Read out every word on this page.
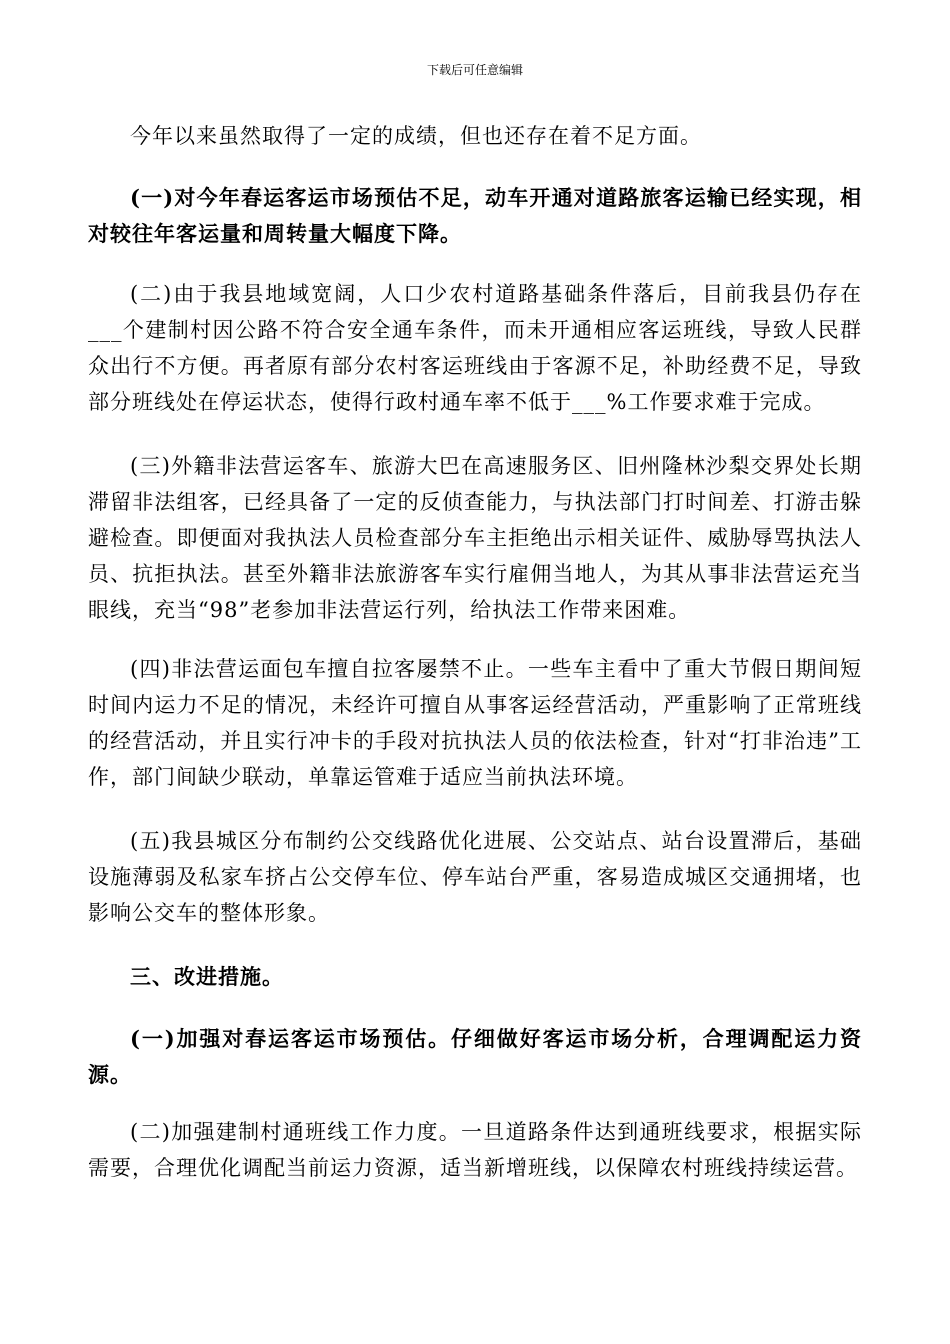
下载后可任意编辑

今年以来虽然取得了一定的成绩，但也还存在着不足方面。

(一)对今年春运客运市场预估不足，动车开通对道路旅客运输已经实现，相对较往年客运量和周转量大幅度下降。

(二)由于我县地域宽阔，人口少农村道路基础条件落后，目前我县仍存在___个建制村因公路不符合安全通车条件，而未开通相应客运班线，导致人民群众出行不方便。再者原有部分农村客运班线由于客源不足，补助经费不足，导致部分班线处在停运状态，使得行政村通车率不低于___%工作要求难于完成。

(三)外籍非法营运客车、旅游大巴在高速服务区、旧州隆林沙梨交界处长期滞留非法组客，已经具备了一定的反侦查能力，与执法部门打时间差、打游击躲避检查。即便面对我执法人员检查部分车主拒绝出示相关证件、威胁辱骂执法人员、抗拒执法。甚至外籍非法旅游客车实行雇佣当地人，为其从事非法营运充当眼线，充当“98”老参加非法营运行列，给执法工作带来困难。

(四)非法营运面包车擅自拉客屡禁不止。一些车主看中了重大节假日期间短时间内运力不足的情况，未经许可擅自从事客运经营活动，严重影响了正常班线的经营活动，并且实行冲卡的手段对抗执法人员的依法检查，针对“打非治违”工作，部门间缺少联动，单靠运管难于适应当前执法环境。

(五)我县城区分布制约公交线路优化进展、公交站点、站台设置滞后，基础设施薄弱及私家车挤占公交停车位、停车站台严重，客易造成城区交通拥堵，也影响公交车的整体形象。

三、改进措施。

(一)加强对春运客运市场预估。仔细做好客运市场分析，合理调配运力资源。

(二)加强建制村通班线工作力度。一旦道路条件达到通班线要求，根据实际需要，合理优化调配当前运力资源，适当新增班线，以保障农村班线持续运营。
